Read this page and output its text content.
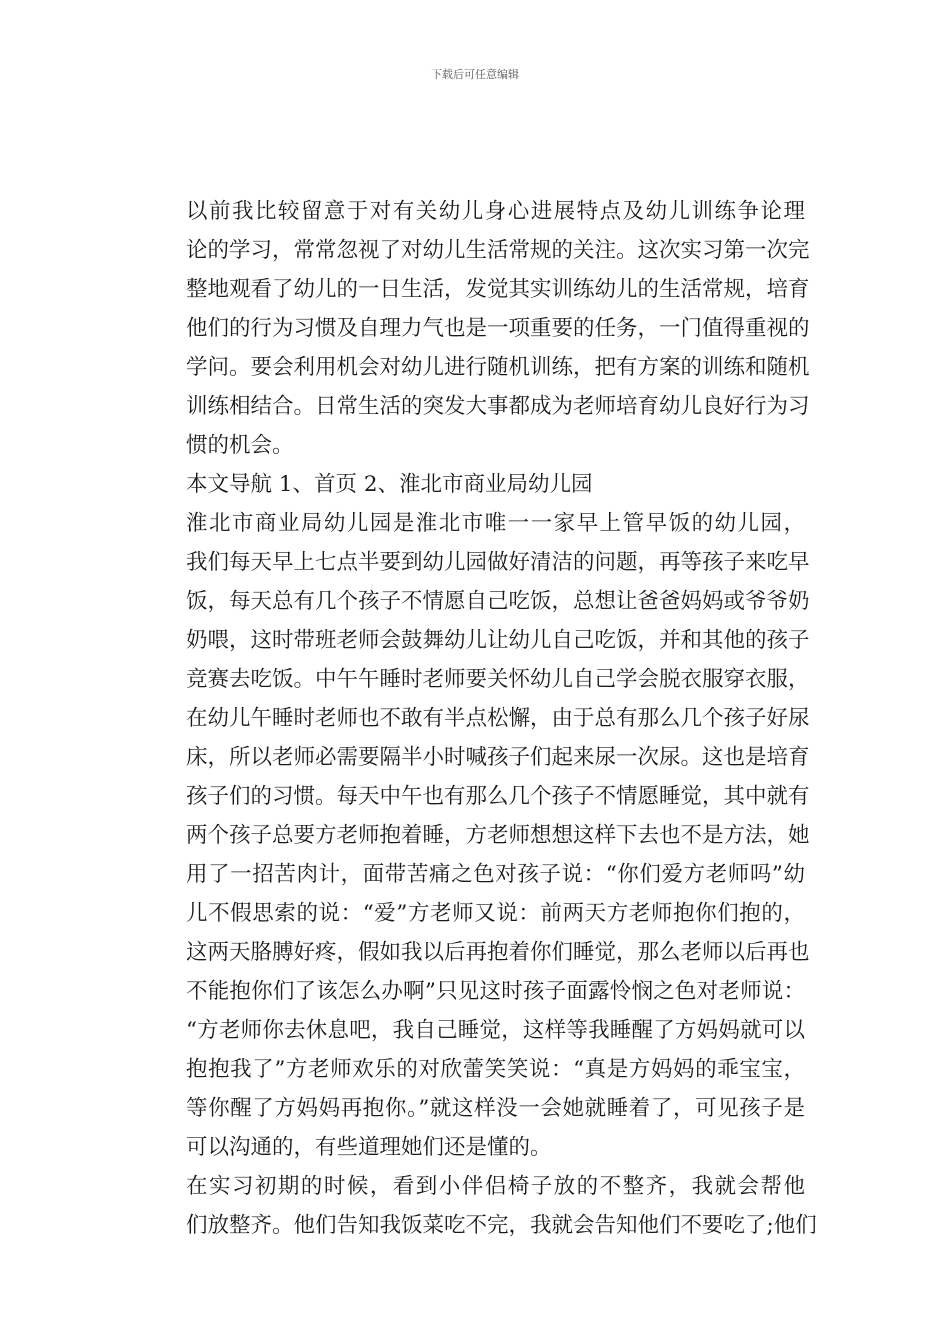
下载后可任意编辑
以前我比较留意于对有关幼儿身心进展特点及幼儿训练争论理
论的学习，常常忽视了对幼儿生活常规的关注。这次实习第一次完
整地观看了幼儿的一日生活，发觉其实训练幼儿的生活常规，培育
他们的行为习惯及自理力气也是一项重要的任务，一门值得重视的
学问。要会利用机会对幼儿进行随机训练，把有方案的训练和随机
训练相结合。日常生活的突发大事都成为老师培育幼儿良好行为习
惯的机会。
本文导航 1、首页 2、淮北市商业局幼儿园
淮北市商业局幼儿园是淮北市唯一一家早上管早饭的幼儿园，
我们每天早上七点半要到幼儿园做好清洁的问题，再等孩子来吃早
饭，每天总有几个孩子不情愿自己吃饭，总想让爸爸妈妈或爷爷奶
奶喂，这时带班老师会鼓舞幼儿让幼儿自己吃饭，并和其他的孩子
竞赛去吃饭。中午午睡时老师要关怀幼儿自己学会脱衣服穿衣服，
在幼儿午睡时老师也不敢有半点松懈，由于总有那么几个孩子好尿
床，所以老师必需要隔半小时喊孩子们起来尿一次尿。这也是培育
孩子们的习惯。每天中午也有那么几个孩子不情愿睡觉，其中就有
两个孩子总要方老师抱着睡，方老师想想这样下去也不是方法，她
用了一招苦肉计，面带苦痛之色对孩子说：“你们爱方老师吗”幼
儿不假思索的说：“爱”方老师又说：前两天方老师抱你们抱的，
这两天胳膊好疼，假如我以后再抱着你们睡觉，那么老师以后再也
不能抱你们了该怎么办啊”只见这时孩子面露怜悯之色对老师说：
“方老师你去休息吧，我自己睡觉，这样等我睡醒了方妈妈就可以
抱抱我了”方老师欢乐的对欣蕾笑笑说：“真是方妈妈的乖宝宝，
等你醒了方妈妈再抱你。”就这样没一会她就睡着了，可见孩子是
可以沟通的，有些道理她们还是懂的。
在实习初期的时候，看到小伴侣椅子放的不整齐，我就会帮他
们放整齐。他们告知我饭菜吃不完，我就会告知他们不要吃了;他们
